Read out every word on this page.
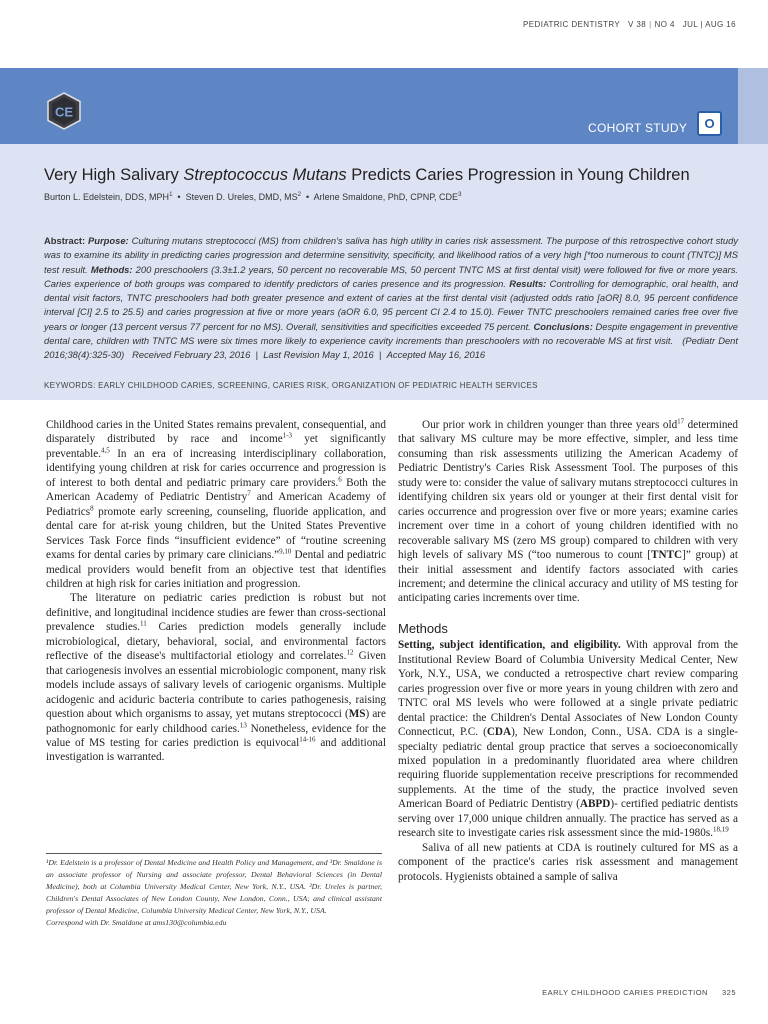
PEDIATRIC DENTISTRY V 38 | NO 4 JUL | AUG 16
CE
COHORT STUDY	O
Very High Salivary Streptococcus Mutans Predicts Caries Progression in Young Children
Burton L. Edelstein, DDS, MPH$^1$ • Steven D. Ureles, DMD, $MS^2$ • Arlene Smaldone, PhD, CPNP, CDE$^3$
Abstract: Purpose: Culturing mutans streptococci (MS) from children's saliva has high utility in caries risk assessment. The purpose of this retrospective cohort study was to examine its ability in predicting caries progression and determine sensitivity, specificity, and likelihood ratios of a very high [*too numerous to count (TNTC)] MS test result. Methods: 200 preschoolers (3.3±1.2 years, 50 percent no recoverable MS, 50 percent TNTC MS at first dental visit) were followed for five or more years. Caries experience of both groups was compared to identify predictors of caries presence and its progression. Results: Controlling for demographic, oral health, and dental visit factors, TNTC preschoolers had both greater presence and extent of caries at the first dental visit (adjusted odds ratio [aOR] 8.0, 95 percent confidence interval [CI] 2.5 to 25.5) and caries progression at five or more years (aOR 6.0, 95 percent CI 2.4 to 15.0). Fewer TNTC preschoolers remained caries free over five years or longer (13 percent versus 77 percent for no MS). Overall, sensitivities and specificities exceeded 75 percent. Conclusions: Despite engagement in preventive dental care, children with TNTC MS were six times more likely to experience cavity increments than preschoolers with no recoverable MS at first visit. (Pediatr Dent 2016;38(4):325-30) Received February 23, 2016 | Last Revision May 1, 2016 | Accepted May 16, 2016
KEYWORDS: EARLY CHILDHOOD CARIES, SCREENING, CARIES RISK, ORGANIZATION OF PEDIATRIC HEALTH SERVICES

Childhood caries in the United States remains prevalent, consequential, and disparately distributed by race and income$^{1-3}$ yet significantly preventable.$^{4,5}$ In an era of increasing interdisciplinary collaboration, identifying young children at risk for caries occurrence and progression is of interest to both dental and pediatric primary care providers.$^6$ Both the American Academy of Pediatric Dentistry$^7$ and American Academy of Pediatrics$^8$ promote early screening, counseling, fluoride application, and dental care for at-risk young children, but the United States Preventive Services Task Force finds “insufficient evidence” of “routine screening exams for dental caries by primary care clinicians.”$^{9,10}$ Dental and pediatric medical providers would benefit from an objective test that identifies children at high risk for caries initiation and progression.

The literature on pediatric caries prediction is robust but not definitive, and longitudinal incidence studies are fewer than cross-sectional prevalence studies.$^{11}$ Caries prediction models generally include microbiological, dietary, behavioral, social, and environmental factors reflective of the disease's multifactorial etiology and correlates.$^{12}$ Given that cariogenesis involves an essential microbiologic component, many risk models include assays of salivary levels of cariogenic organisms. Multiple acidogenic and aciduric bacteria contribute to caries pathogenesis, raising question about which organisms to assay, yet mutans streptococci (MS) are pathognomonic for early childhood caries.$^{13}$ Nonetheless, evidence for the value of MS testing for caries prediction is equivocal$^{14-16}$ and additional investigation is warranted.

¹Dr. Edelstein is a professor of Dental Medicine and Health Policy and Management, and ³Dr. Smaldone is an associate professor of Nursing and associate professor, Dental Behavioral Sciences (in Dental Medicine), both at Columbia University Medical Center, New York, N.Y., USA. ²Dr. Ureles is partner, Children's Dental Associates of New London County, New London, Conn., USA; and clinical assistant professor of Dental Medicine, Columbia University Medical Center, New York, N.Y., USA.

Correspond with Dr. Smaldone at ams130@columbia.edu

Our prior work in children younger than three years old$^{17}$ determined that salivary MS culture may be more effective, simpler, and less time consuming than risk assessments utilizing the American Academy of Pediatric Dentistry's Caries Risk Assessment Tool. The purposes of this study were to: consider the value of salivary mutans streptococci cultures in identifying children six years old or younger at their first dental visit for caries occurrence and progression over five or more years; examine caries increment over time in a cohort of young children identified with no recoverable salivary MS (zero MS group) compared to children with very high levels of salivary MS (“too numerous to count [TNTC]” group) at their initial assessment and identify factors associated with caries increment; and determine the clinical accuracy and utility of MS testing for anticipating caries increments over time.

Methods

Setting, subject identification, and eligibility. With approval from the Institutional Review Board of Columbia University Medical Center, New York, N.Y., USA, we conducted a retrospective chart review comparing caries progression over five or more years in young children with zero and TNTC oral MS levels who were followed at a single private pediatric dental practice: the Children's Dental Associates of New London County Connecticut, P.C. (CDA), New London, Conn., USA. CDA is a single-specialty pediatric dental group practice that serves a socioeconomically mixed population in a predominantly fluoridated area where children requiring fluoride supplementation receive prescriptions for recommended supplements. At the time of the study, the practice involved seven American Board of Pediatric Dentistry (ABPD)- certified pediatric dentists serving over 17,000 unique children annually. The practice has served as a research site to investigate caries risk assessment since the mid-1980s.$^{18,19}$

Saliva of all new patients at CDA is routinely cultured for MS as a component of the practice's caries risk assessment and management protocols. Hygienists obtained a sample of saliva

EARLY CHILDHOOD CARIES PREDICTION 325
